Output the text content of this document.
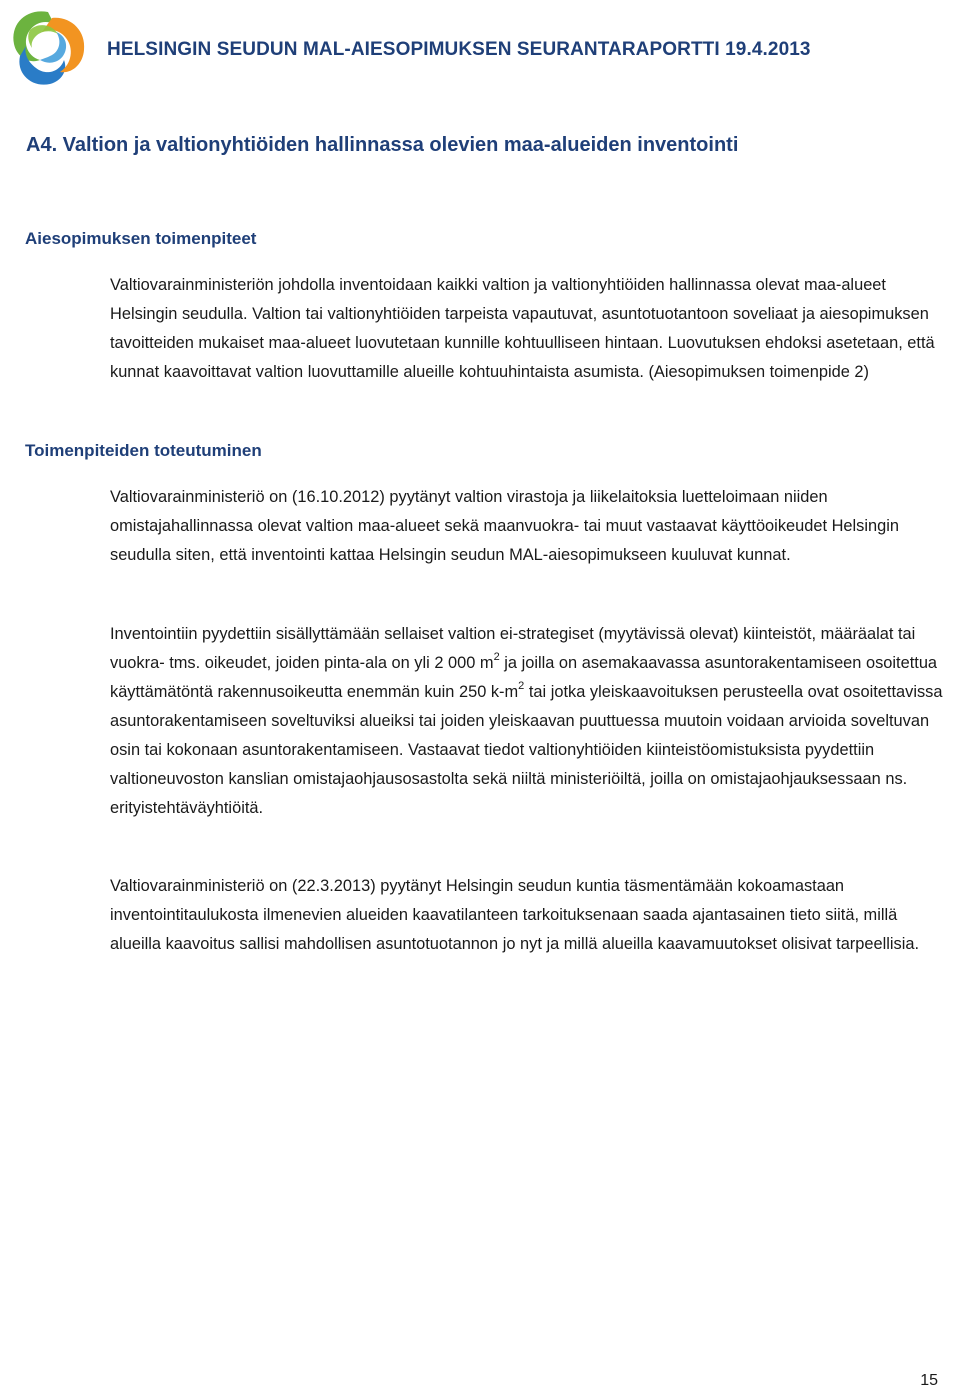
HELSINGIN SEUDUN MAL-AIESOPIMUKSEN SEURANTARAPORTTI 19.4.2013
A4. Valtion ja valtionyhtiöiden hallinnassa olevien maa-alueiden inventointi
Aiesopimuksen toimenpiteet
Valtiovarainministeriön johdolla inventoidaan kaikki valtion ja valtionyhtiöiden hallinnassa olevat maa-alueet Helsingin seudulla. Valtion tai valtionyhtiöiden tarpeista vapautuvat, asuntotuotantoon soveliaat ja aiesopimuksen tavoitteiden mukaiset maa-alueet luovutetaan kunnille kohtuulliseen hintaan. Luovutuksen ehdoksi asetetaan, että kunnat kaavoittavat valtion luovuttamille alueille kohtuuhintaista asumista. (Aiesopimuksen toimenpide 2)
Toimenpiteiden toteutuminen
Valtiovarainministeriö on (16.10.2012) pyytänyt valtion virastoja ja liikelaitoksia luetteloimaan niiden omistajahallinnassa olevat valtion maa-alueet sekä maanvuokra- tai muut vastaavat käyttöoikeudet Helsingin seudulla siten, että inventointi kattaa Helsingin seudun MAL-aiesopimukseen kuuluvat kunnat.
Inventointiin pyydettiin sisällyttämään sellaiset valtion ei-strategiset (myytävissä olevat) kiinteistöt, määräalat tai vuokra- tms. oikeudet, joiden pinta-ala on yli 2 000 $m^2$ ja joilla on asemakaavassa asuntorakentamiseen osoitettua käyttämätöntä rakennusoikeutta enemmän kuin 250 $k-m^2$ tai jotka yleiskaavoituksen perusteella ovat osoitettavissa asuntorakentamiseen soveltuviksi alueiksi tai joiden yleiskaavan puuttuessa muutoin voidaan arvioida soveltuvan osin tai kokonaan asuntorakentamiseen. Vastaavat tiedot valtionyhtiöiden kiinteistöomistuksista pyydettiin valtioneuvoston kanslian omistajaohjausosastolta sekä niiltä ministeriöiltä, joilla on omistajaohjauksessaan ns. erityistehtäväyhtiöitä.
Valtiovarainministeriö on (22.3.2013) pyytänyt Helsingin seudun kuntia täsmentämään kokoamastaan inventointitaulukosta ilmenevien alueiden kaavatilanteen tarkoituksenaan saada ajantasainen tieto siitä, millä alueilla kaavoitus sallisi mahdollisen asuntotuotannon jo nyt ja millä alueilla kaavamuutokset olisivat tarpeellisia.
15
